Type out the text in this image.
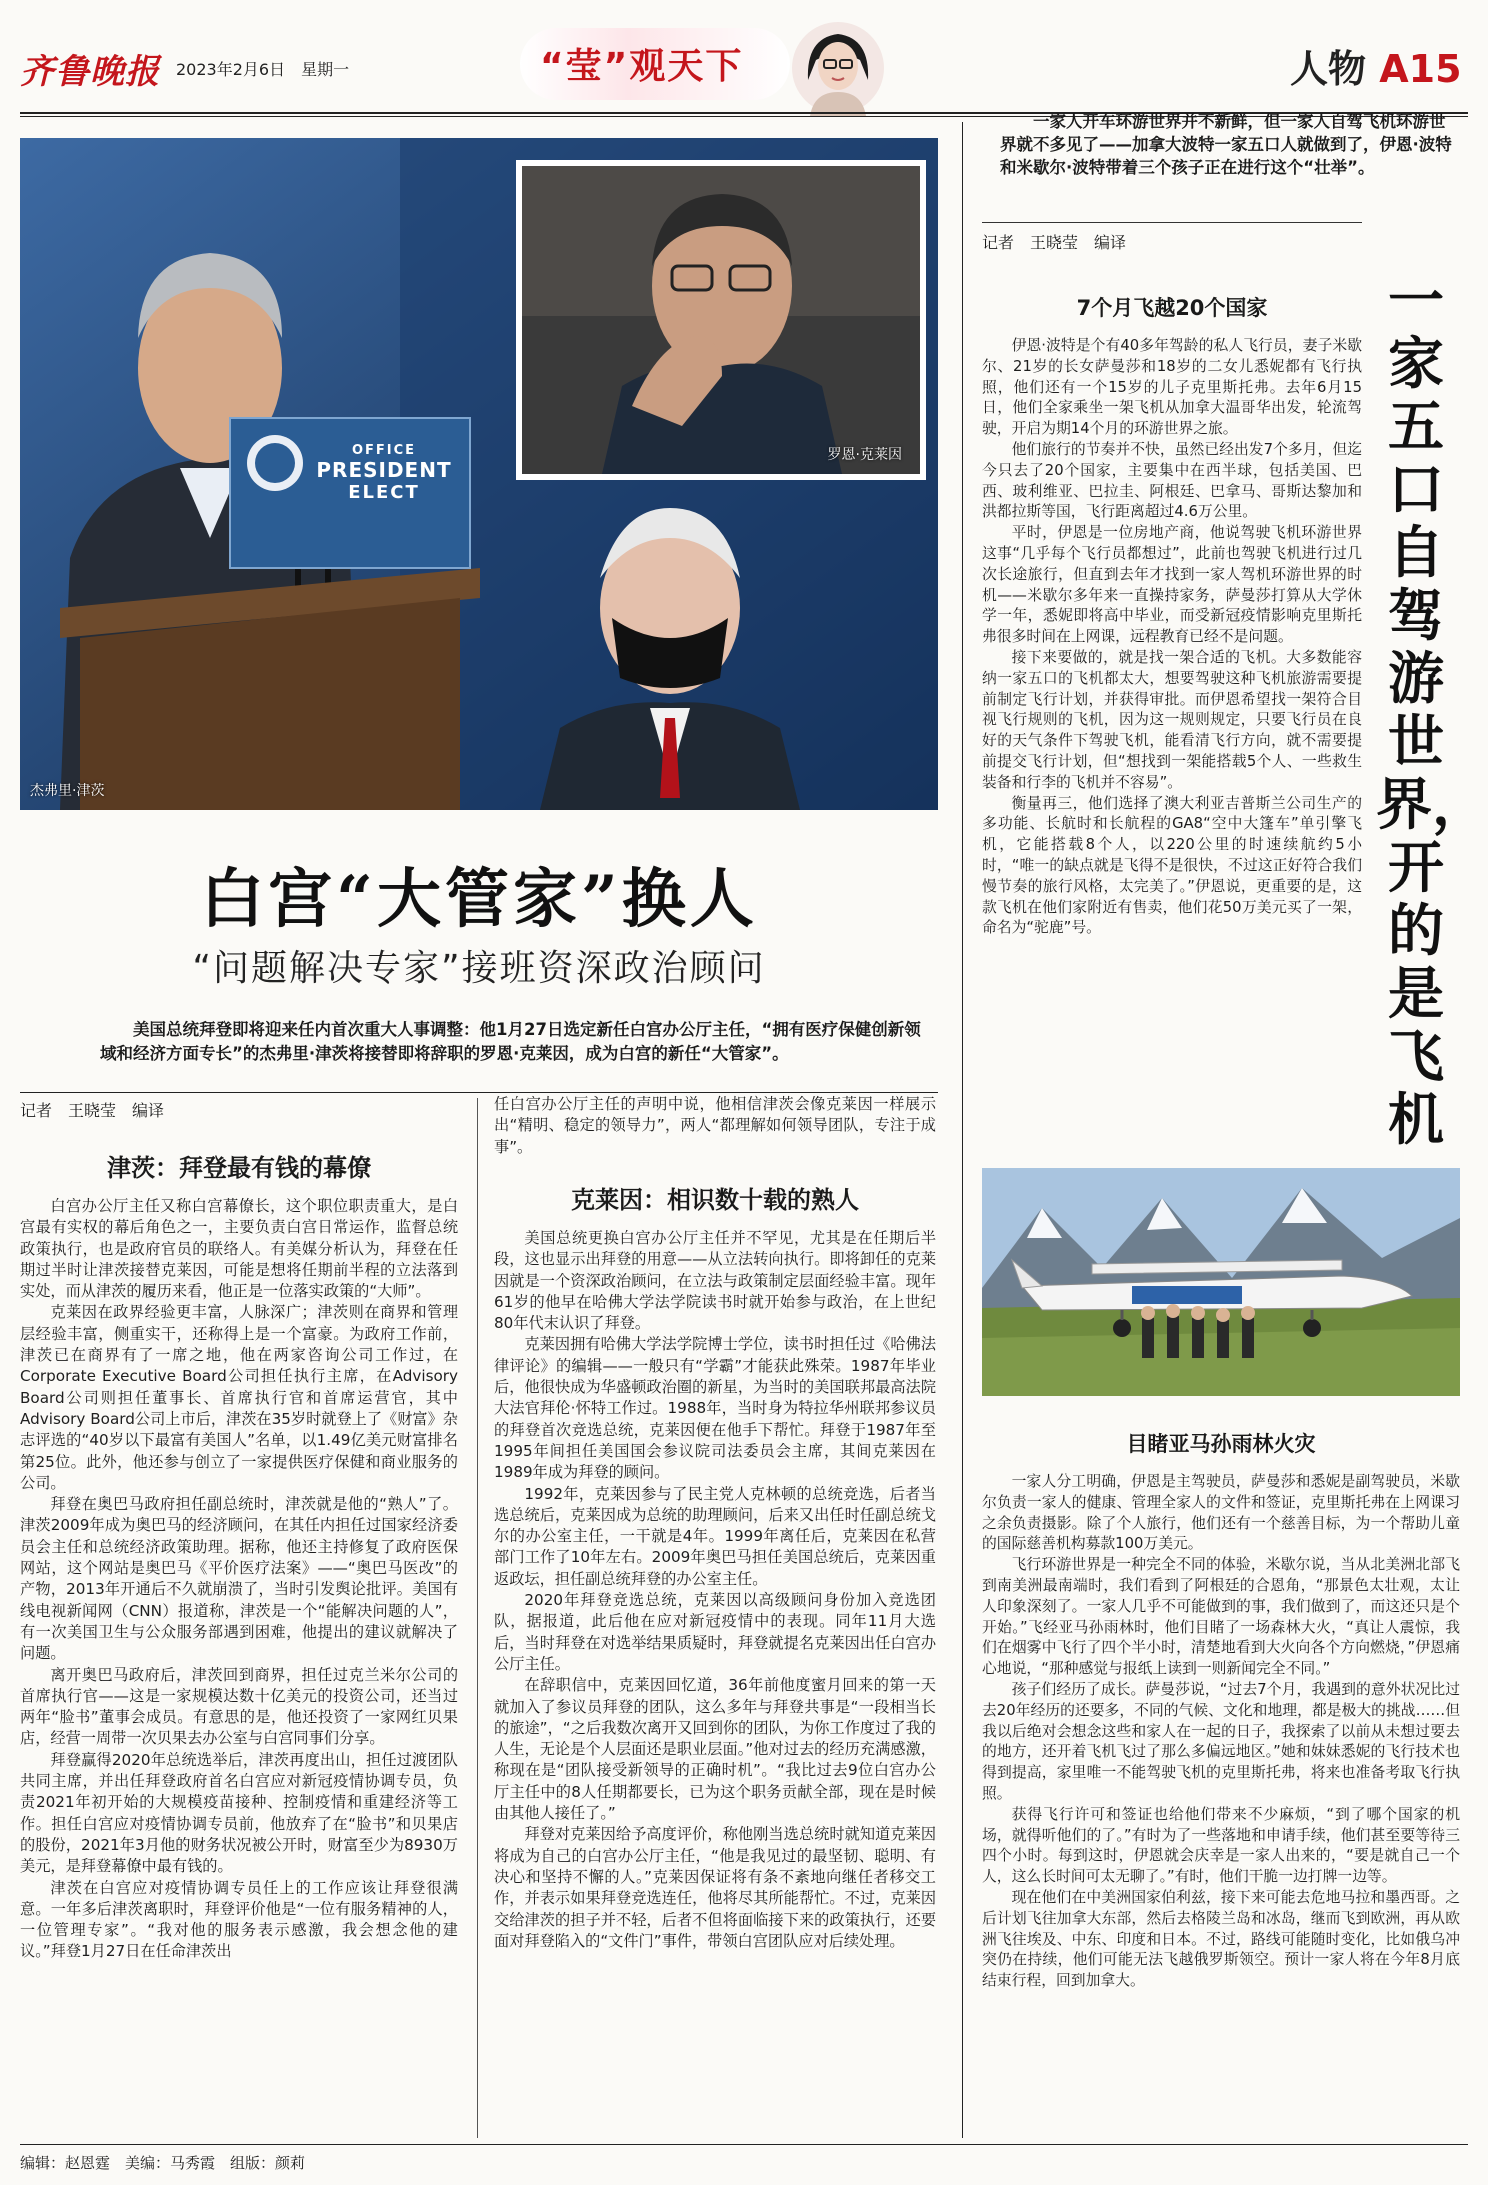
齐鲁晚报 2023年2月6日 星期一	“莹”观天下	人物 A15
OFFICE
PRESIDENT
ELECT
杰弗里·津茨
罗恩·克莱因
白宫“大管家”换人
“问题解决专家”接班资深政治顾问
美国总统拜登即将迎来任内首次重大人事调整：他1月27日选定新任白宫办公厅主任，“拥有医疗保健创新领域和经济方面专长”的杰弗里·津茨将接替即将辞职的罗恩·克莱因，成为白宫的新任“大管家”。
记者　王晓莹　编译
津茨：拜登最有钱的幕僚

白宫办公厅主任又称白宫幕僚长，这个职位职责重大，是白宫最有实权的幕后角色之一，主要负责白宫日常运作，监督总统政策执行，也是政府官员的联络人。有美媒分析认为，拜登在任期过半时让津茨接替克莱因，可能是想将任期前半程的立法落到实处，而从津茨的履历来看，他正是一位落实政策的“大师”。

克莱因在政界经验更丰富，人脉深广；津茨则在商界和管理层经验丰富，侧重实干，还称得上是一个富豪。为政府工作前，津茨已在商界有了一席之地，他在两家咨询公司工作过，在Corporate Executive Board公司担任执行主席，在Advisory Board公司则担任董事长、首席执行官和首席运营官，其中Advisory Board公司上市后，津茨在35岁时就登上了《财富》杂志评选的“40岁以下最富有美国人”名单，以1.49亿美元财富排名第25位。此外，他还参与创立了一家提供医疗保健和商业服务的公司。

拜登在奥巴马政府担任副总统时，津茨就是他的“熟人”了。津茨2009年成为奥巴马的经济顾问，在其任内担任过国家经济委员会主任和总统经济政策助理。据称，他还主持修复了政府医保网站，这个网站是奥巴马《平价医疗法案》——“奥巴马医改”的产物，2013年开通后不久就崩溃了，当时引发舆论批评。美国有线电视新闻网（CNN）报道称，津茨是一个“能解决问题的人”，有一次美国卫生与公众服务部遇到困难，他提出的建议就解决了问题。

离开奥巴马政府后，津茨回到商界，担任过克兰米尔公司的首席执行官——这是一家规模达数十亿美元的投资公司，还当过两年“脸书”董事会成员。有意思的是，他还投资了一家网红贝果店，经营一周带一次贝果去办公室与白宫同事们分享。

拜登赢得2020年总统选举后，津茨再度出山，担任过渡团队共同主席，并出任拜登政府首名白宫应对新冠疫情协调专员，负责2021年初开始的大规模疫苗接种、控制疫情和重建经济等工作。担任白宫应对疫情协调专员前，他放弃了在“脸书”和贝果店的股份，2021年3月他的财务状况被公开时，财富至少为8930万美元，是拜登幕僚中最有钱的。

津茨在白宫应对疫情协调专员任上的工作应该让拜登很满意。一年多后津茨离职时，拜登评价他是“一位有服务精神的人，一位管理专家”。“我对他的服务表示感激，我会想念他的建议。”拜登1月27日在任命津茨出

任白宫办公厅主任的声明中说，他相信津茨会像克莱因一样展示出“精明、稳定的领导力”，两人“都理解如何领导团队，专注于成事”。

克莱因：相识数十载的熟人

美国总统更换白宫办公厅主任并不罕见，尤其是在任期后半段，这也显示出拜登的用意——从立法转向执行。即将卸任的克莱因就是一个资深政治顾问，在立法与政策制定层面经验丰富。现年61岁的他早在哈佛大学法学院读书时就开始参与政治，在上世纪80年代末认识了拜登。

克莱因拥有哈佛大学法学院博士学位，读书时担任过《哈佛法律评论》的编辑——一般只有“学霸”才能获此殊荣。1987年毕业后，他很快成为华盛顿政治圈的新星，为当时的美国联邦最高法院大法官拜伦·怀特工作过。1988年，当时身为特拉华州联邦参议员的拜登首次竞选总统，克莱因便在他手下帮忙。拜登于1987年至1995年间担任美国国会参议院司法委员会主席，其间克莱因在1989年成为拜登的顾问。

1992年，克莱因参与了民主党人克林顿的总统竞选，后者当选总统后，克莱因成为总统的助理顾问，后来又出任时任副总统戈尔的办公室主任，一干就是4年。1999年离任后，克莱因在私营部门工作了10年左右。2009年奥巴马担任美国总统后，克莱因重返政坛，担任副总统拜登的办公室主任。

2020年拜登竞选总统，克莱因以高级顾问身份加入竞选团队，据报道，此后他在应对新冠疫情中的表现。同年11月大选后，当时拜登在对选举结果质疑时，拜登就提名克莱因出任白宫办公厅主任。

在辞职信中，克莱因回忆道，36年前他度蜜月回来的第一天就加入了参议员拜登的团队，这么多年与拜登共事是“一段相当长的旅途”，“之后我数次离开又回到你的团队，为你工作度过了我的人生，无论是个人层面还是职业层面。”他对过去的经历充满感激，称现在是“团队接受新领导的正确时机”。“我比过去9位白宫办公厅主任中的8人任期都要长，已为这个职务贡献全部，现在是时候由其他人接任了。”

拜登对克莱因给予高度评价，称他刚当选总统时就知道克莱因将成为自己的白宫办公厅主任，“他是我见过的最坚韧、聪明、有决心和坚持不懈的人。”克莱因保证将有条不紊地向继任者移交工作，并表示如果拜登竞选连任，他将尽其所能帮忙。不过，克莱因交给津茨的担子并不轻，后者不但将面临接下来的政策执行，还要面对拜登陷入的“文件门”事件，带领白宫团队应对后续处理。

一家人开车环游世界并不新鲜，但一家人自驾飞机环游世界就不多见了——加拿大波特一家五口人就做到了，伊恩·波特和米歇尔·波特带着三个孩子正在进行这个“壮举”。
记者　王晓莹　编译
一家五口自驾游世界，开的是飞机
7个月飞越20个国家

伊恩·波特是个有40多年驾龄的私人飞行员，妻子米歇尔、21岁的长女萨曼莎和18岁的二女儿悉妮都有飞行执照，他们还有一个15岁的儿子克里斯托弗。去年6月15日，他们全家乘坐一架飞机从加拿大温哥华出发，轮流驾驶，开启为期14个月的环游世界之旅。

他们旅行的节奏并不快，虽然已经出发7个多月，但迄今只去了20个国家，主要集中在西半球，包括美国、巴西、玻利维亚、巴拉圭、阿根廷、巴拿马、哥斯达黎加和洪都拉斯等国，飞行距离超过4.6万公里。

平时，伊恩是一位房地产商，他说驾驶飞机环游世界这事“几乎每个飞行员都想过”，此前也驾驶飞机进行过几次长途旅行，但直到去年才找到一家人驾机环游世界的时机——米歇尔多年来一直操持家务，萨曼莎打算从大学休学一年，悉妮即将高中毕业，而受新冠疫情影响克里斯托弗很多时间在上网课，远程教育已经不是问题。

接下来要做的，就是找一架合适的飞机。大多数能容纳一家五口的飞机都太大，想要驾驶这种飞机旅游需要提前制定飞行计划，并获得审批。而伊恩希望找一架符合目视飞行规则的飞机，因为这一规则规定，只要飞行员在良好的天气条件下驾驶飞机，能看清飞行方向，就不需要提前提交飞行计划，但“想找到一架能搭载5个人、一些救生装备和行李的飞机并不容易”。

衡量再三，他们选择了澳大利亚吉普斯兰公司生产的多功能、长航时和长航程的GA8“空中大篷车”单引擎飞机，它能搭载8个人，以220公里的时速续航约5小时，“唯一的缺点就是飞得不是很快，不过这正好符合我们慢节奏的旅行风格，太完美了。”伊恩说，更重要的是，这款飞机在他们家附近有售卖，他们花50万美元买了一架，命名为“驼鹿”号。

目睹亚马孙雨林火灾

一家人分工明确，伊恩是主驾驶员，萨曼莎和悉妮是副驾驶员，米歇尔负责一家人的健康、管理全家人的文件和签证，克里斯托弗在上网课习之余负责摄影。除了个人旅行，他们还有一个慈善目标，为一个帮助儿童的国际慈善机构募款100万美元。

飞行环游世界是一种完全不同的体验，米歇尔说，当从北美洲北部飞到南美洲最南端时，我们看到了阿根廷的合恩角，“那景色太壮观，太让人印象深刻了。一家人几乎不可能做到的事，我们做到了，而这还只是个开始。”飞经亚马孙雨林时，他们目睹了一场森林大火，“真让人震惊，我们在烟雾中飞行了四个半小时，清楚地看到大火向各个方向燃烧，”伊恩痛心地说，“那种感觉与报纸上读到一则新闻完全不同。”

孩子们经历了成长。萨曼莎说，“过去7个月，我遇到的意外状况比过去20年经历的还要多，不同的气候、文化和地理，都是极大的挑战……但我以后绝对会想念这些和家人在一起的日子，我探索了以前从未想过要去的地方，还开着飞机飞过了那么多偏远地区。”她和妹妹悉妮的飞行技术也得到提高，家里唯一不能驾驶飞机的克里斯托弗，将来也准备考取飞行执照。

获得飞行许可和签证也给他们带来不少麻烦，“到了哪个国家的机场，就得听他们的了。”有时为了一些落地和申请手续，他们甚至要等待三四个小时。每到这时，伊恩就会庆幸是一家人出来的，“要是就自己一个人，这么长时间可太无聊了。”有时，他们干脆一边打牌一边等。

现在他们在中美洲国家伯利兹，接下来可能去危地马拉和墨西哥。之后计划飞往加拿大东部，然后去格陵兰岛和冰岛，继而飞到欧洲，再从欧洲飞往埃及、中东、印度和日本。不过，路线可能随时变化，比如俄乌冲突仍在持续，他们可能无法飞越俄罗斯领空。预计一家人将在今年8月底结束行程，回到加拿大。

编辑：赵恩霆　美编：马秀霞　组版：颜莉
